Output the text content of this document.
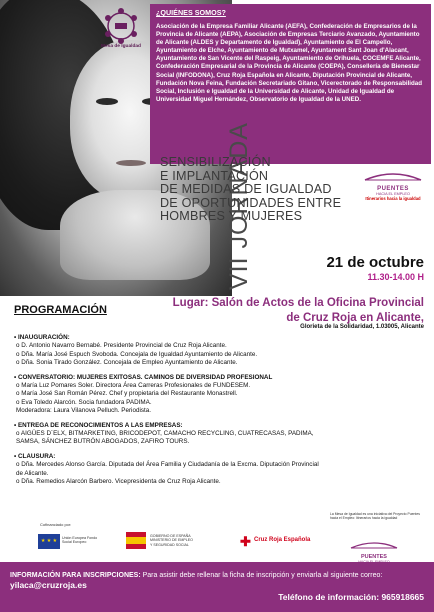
Mesa de Igualdad
¿QUIÉNES SOMOS?
Asociación de la Empresa Familiar Alicante (AEFA), Confederación de Empresarios de la Provincia de Alicante (AEPA), Asociación de Empresas Terciario Avanzado, Ayuntamiento de Alicante (ALDES y Departamento de Igualdad), Ayuntamiento de El Campello, Ayuntamiento de Elche, Ayuntamiento de Mutxamel, Ayuntament Sant Joan d'Alacant, Ayuntamiento de San Vicente del Raspeig, Ayuntamiento de Orihuela, COCEMFE Alicante, Confederación Empresarial de la Provincia de Alicante (COEPA), Consellería de Bienestar Social (INFODONA), Cruz Roja Española en Alicante, Diputación Provincial de Alicante, Fundación Nova Feina, Fundación Secretariado Gitano, Vicerectorado de Responsabilidad Social, Inclusión e Igualdad de la Universidad de Alicante, Unidad de Igualdad de Universidad Miguel Hernández, Observatorio de Igualdad de la UNED.
VII JORNADA	PUENTES
HACIA EL EMPLEO
Itinerarios hacia la igualdad
SENSIBILIZACIÓN
E IMPLANTACIÓN
DE MEDIDAS DE IGUALDAD
DE OPORTUNIDADES ENTRE
HOMBRES Y MUJERES
21 de octubre
11.30-14.00 H
PROGRAMACIÓN
Lugar: Salón de Actos de la Oficina Provincial
de Cruz Roja en Alicante,
Glorieta de la Solidaridad, 1.03005, Alicante
• INAUGURACIÓN:
o D. Antonio Navarro Bernabé. Presidente Provincial de Cruz Roja Alicante.
o Dña. María José Espuch Svoboda. Concejala de Igualdad Ayuntamiento de Alicante.
o Dña. Sonia Tirado González. Concejala de Empleo Ayuntamiento de Alicante.
• CONVERSATORIO: MUJERES EXITOSAS. CAMINOS DE DIVERSIDAD PROFESIONAL
o María Luz Pomares Soler. Directora Área Carreras Profesionales de FUNDESEM.
o María José San Román Pérez. Chef y propietaria del Restaurante Monastrell.
o Eva Toledo Alarcón. Socia fundadora PADIMA.
Moderadora: Laura Vilanova Pelluch. Periodista.
• ENTREGA DE RECONOCIMIENTOS A LAS EMPRESAS:
o AIGÜES D´ELX, BITMARKETING, BRICODEPOT, CAMACHO RECYCLING, CUATRECASAS, PADIMA,
SAMSA, SÁNCHEZ BUTRÓN ABOGADOS, ZAFIRO TOURS.
• CLAUSURA:
o Dña. Mercedes Alonso García. Diputada del Área Familia y Ciudadanía de la Excma. Diputación Provincial
de Alicante.
o Dña. Remedios Alarcón Barbero. Vicepresidenta de Cruz Roja Alicante.
Cofinanciado por:
★ ★ ★	Unión Europea Fondo Social Europeo
GOBIERNO DE ESPAÑA MINISTERIO DE EMPLEO Y SEGURIDAD SOCIAL	✚ Cruz Roja Española
La Mesa de Igualdad es una iniciativa del Proyecto Puentes hacia el Empleo: Itinerarios hacia la igualdad
PUENTES
INFORMACIÓN PARA INSCRIPCIONES: Para asistir debe rellenar la ficha de inscripción y enviarla al siguiente correo: yilaca@cruzroja.es
Teléfono de información: 965918665
